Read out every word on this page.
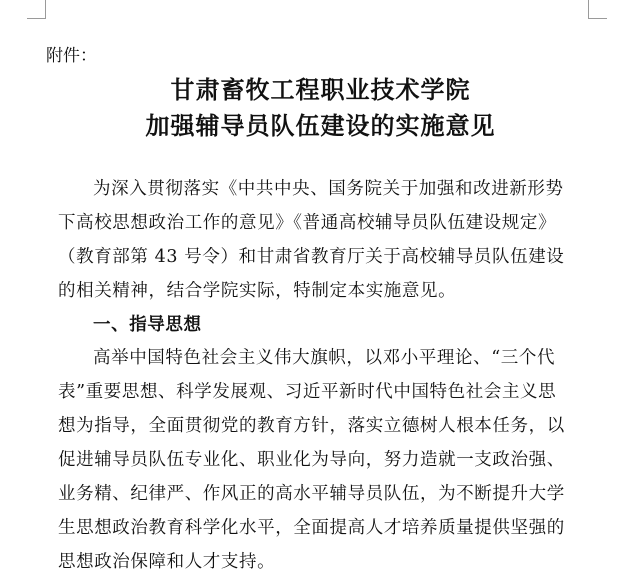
附件：
甘肃畜牧工程职业技术学院
加强辅导员队伍建设的实施意见
为深入贯彻落实《中共中央、国务院关于加强和改进新形势
下高校思想政治工作的意见》《普通高校辅导员队伍建设规定》
（教育部第 43 号令）和甘肃省教育厅关于高校辅导员队伍建设
的相关精神，结合学院实际，特制定本实施意见。
一、指导思想
高举中国特色社会主义伟大旗帜，以邓小平理论、“三个代
表”重要思想、科学发展观、习近平新时代中国特色社会主义思
想为指导，全面贯彻党的教育方针，落实立德树人根本任务，以
促进辅导员队伍专业化、职业化为导向，努力造就一支政治强、
业务精、纪律严、作风正的高水平辅导员队伍，为不断提升大学
生思想政治教育科学化水平，全面提高人才培养质量提供坚强的
思想政治保障和人才支持。
